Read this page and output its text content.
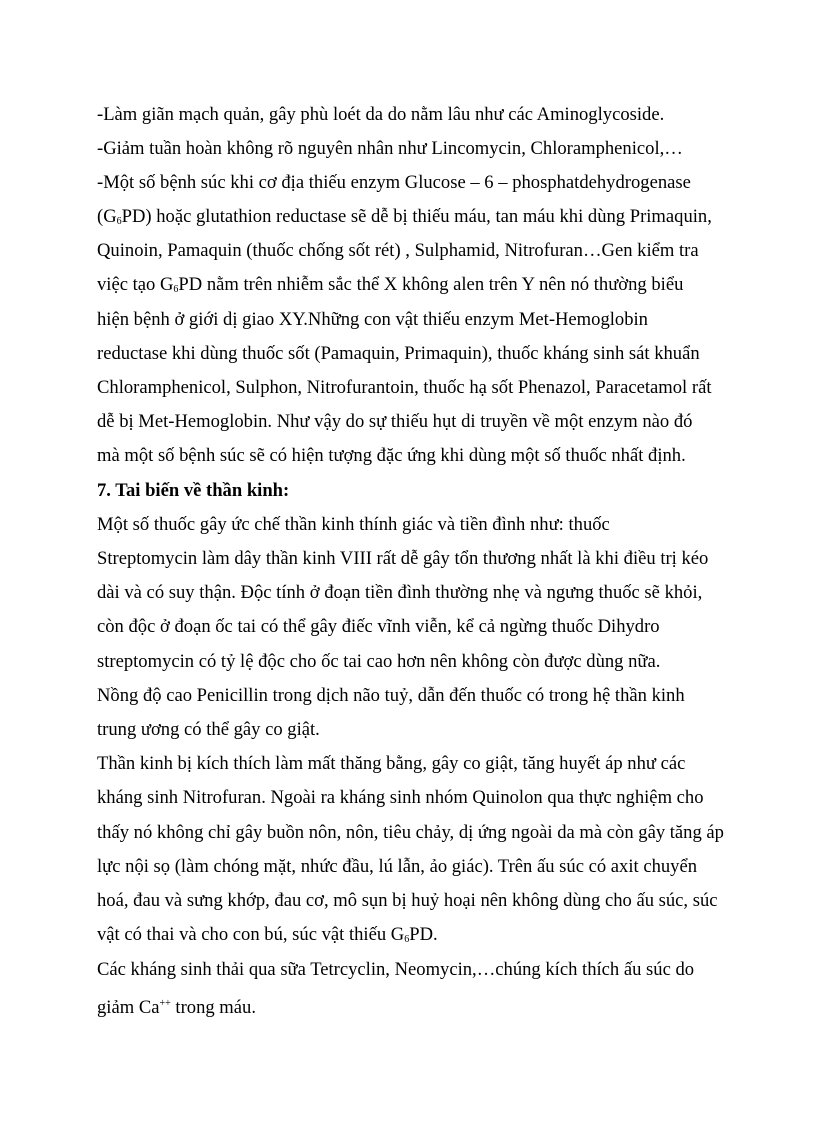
-Làm giãn mạch quản, gây phù loét da do nằm lâu như các Aminoglycoside.
-Giảm tuần hoàn không rõ nguyên nhân như Lincomycin, Chloramphenicol,…
-Một số bệnh súc khi cơ địa thiếu enzym Glucose – 6 – phosphatdehydrogenase
$(G_6PD)$ hoặc glutathion reductase sẽ dễ bị thiếu máu, tan máu khi dùng Primaquin,
Quinoin, Pamaquin (thuốc chống sốt rét) , Sulphamid, Nitrofuran…Gen kiểm tra
việc tạo $G_6PD$ nằm trên nhiễm sắc thể X không alen trên Y nên nó thường biểu
hiện bệnh ở giới dị giao XY.Những con vật thiếu enzym Met-Hemoglobin
reductase khi dùng thuốc sốt (Pamaquin, Primaquin), thuốc kháng sinh sát khuẩn
Chloramphenicol, Sulphon, Nitrofurantoin, thuốc hạ sốt Phenazol, Paracetamol rất
dễ bị Met-Hemoglobin. Như vậy do sự thiếu hụt di truyền về một enzym nào đó
mà một số bệnh súc sẽ có hiện tượng đặc ứng khi dùng một số thuốc nhất định.
7. Tai biến về thần kinh:
Một số thuốc gây ức chế thần kinh thính giác và tiền đình như: thuốc
Streptomycin làm dây thần kinh VIII rất dễ gây tổn thương nhất là khi điều trị kéo
dài và có suy thận. Độc tính ở đoạn tiền đình thường nhẹ và ngưng thuốc sẽ khỏi,
còn độc ở đoạn ốc tai có thể gây điếc vĩnh viễn, kể cả ngừng thuốc Dihydro
streptomycin có tỷ lệ độc cho ốc tai cao hơn nên không còn được dùng nữa.
Nồng độ cao Penicillin trong dịch não tuỷ, dẫn đến thuốc có trong hệ thần kinh
trung ương có thể gây co giật.
Thần kinh bị kích thích làm mất thăng bằng, gây co giật, tăng huyết áp như các
kháng sinh Nitrofuran. Ngoài ra kháng sinh nhóm Quinolon qua thực nghiệm cho
thấy nó không chỉ gây buồn nôn, nôn, tiêu chảy, dị ứng ngoài da mà còn gây tăng áp
lực nội sọ (làm chóng mặt, nhức đầu, lú lẫn, ảo giác). Trên ấu súc có axit chuyển
hoá, đau và sưng khớp, đau cơ, mô sụn bị huỷ hoại nên không dùng cho ấu súc, súc
vật có thai và cho con bú, súc vật thiếu $G_6PD$.
Các kháng sinh thải qua sữa Tetrcyclin, Neomycin,…chúng kích thích ấu súc do
giảm Ca++ trong máu.
